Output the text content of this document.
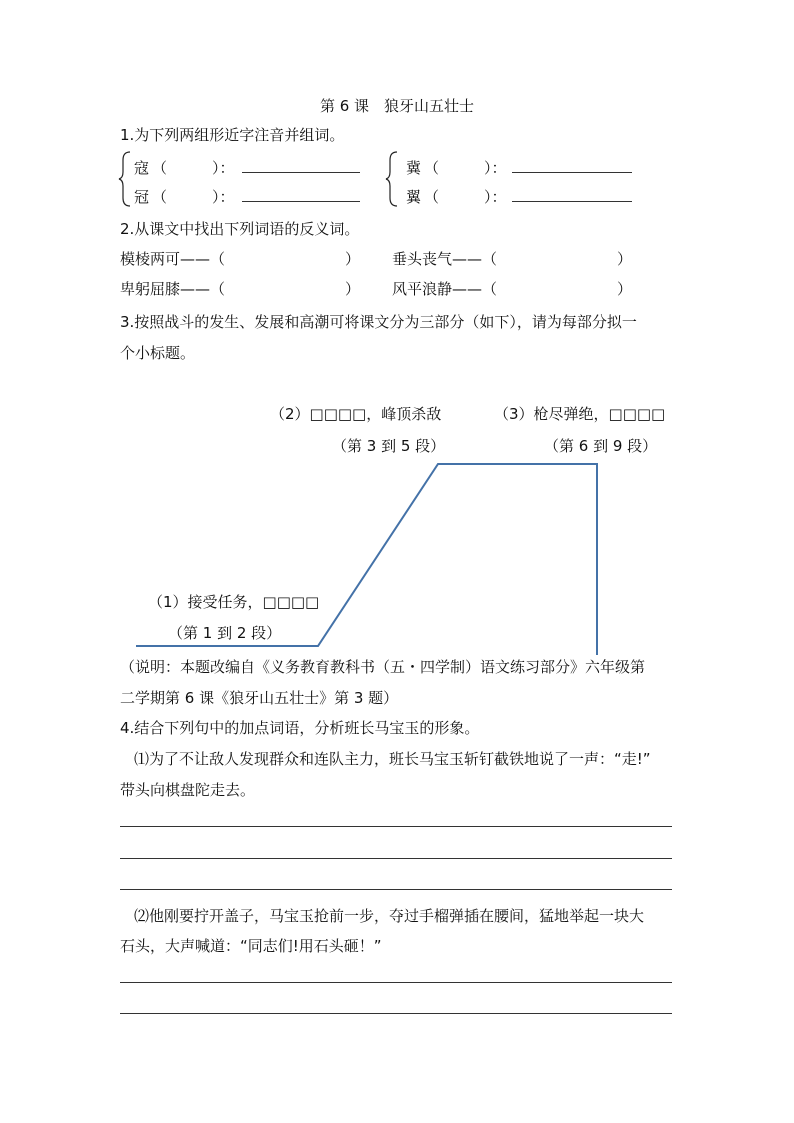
第 6 课　狼牙山五壮士
1.为下列两组形近字注音并组词。
寇 （　　　）：
冠 （　　　）：
冀 （　　　）：
翼 （　　　）：
2.从课文中找出下列词语的反义词。
模棱两可——（　　　　　　　　） 垂头丧气——（　　　　　　　　）
卑躬屈膝——（　　　　　　　　） 风平浪静——（　　　　　　　　）
3.按照战斗的发生、发展和高潮可将课文分为三部分（如下），请为每部分拟一
个小标题。
（2）□□□□，峰顶杀敌
（第 3 到 5 段）
（3）枪尽弹绝，□□□□
（第 6 到 9 段）
（1）接受任务，□□□□
（第 1 到 2 段）
（说明：本题改编自《义务教育教科书（五・四学制）语文练习部分》六年级第
二学期第 6 课《狼牙山五壮士》第 3 题）
4.结合下列句中的加点词语，分析班长马宝玉的形象。
⑴为了不让敌人发现群众和连队主力，班长马宝玉斩钉截铁地说了一声：“走!”
带头向棋盘陀走去。
⑵他刚要拧开盖子，马宝玉抢前一步，夺过手榴弹插在腰间，猛地举起一块大
石头，大声喊道：“同志们!用石头砸！”
